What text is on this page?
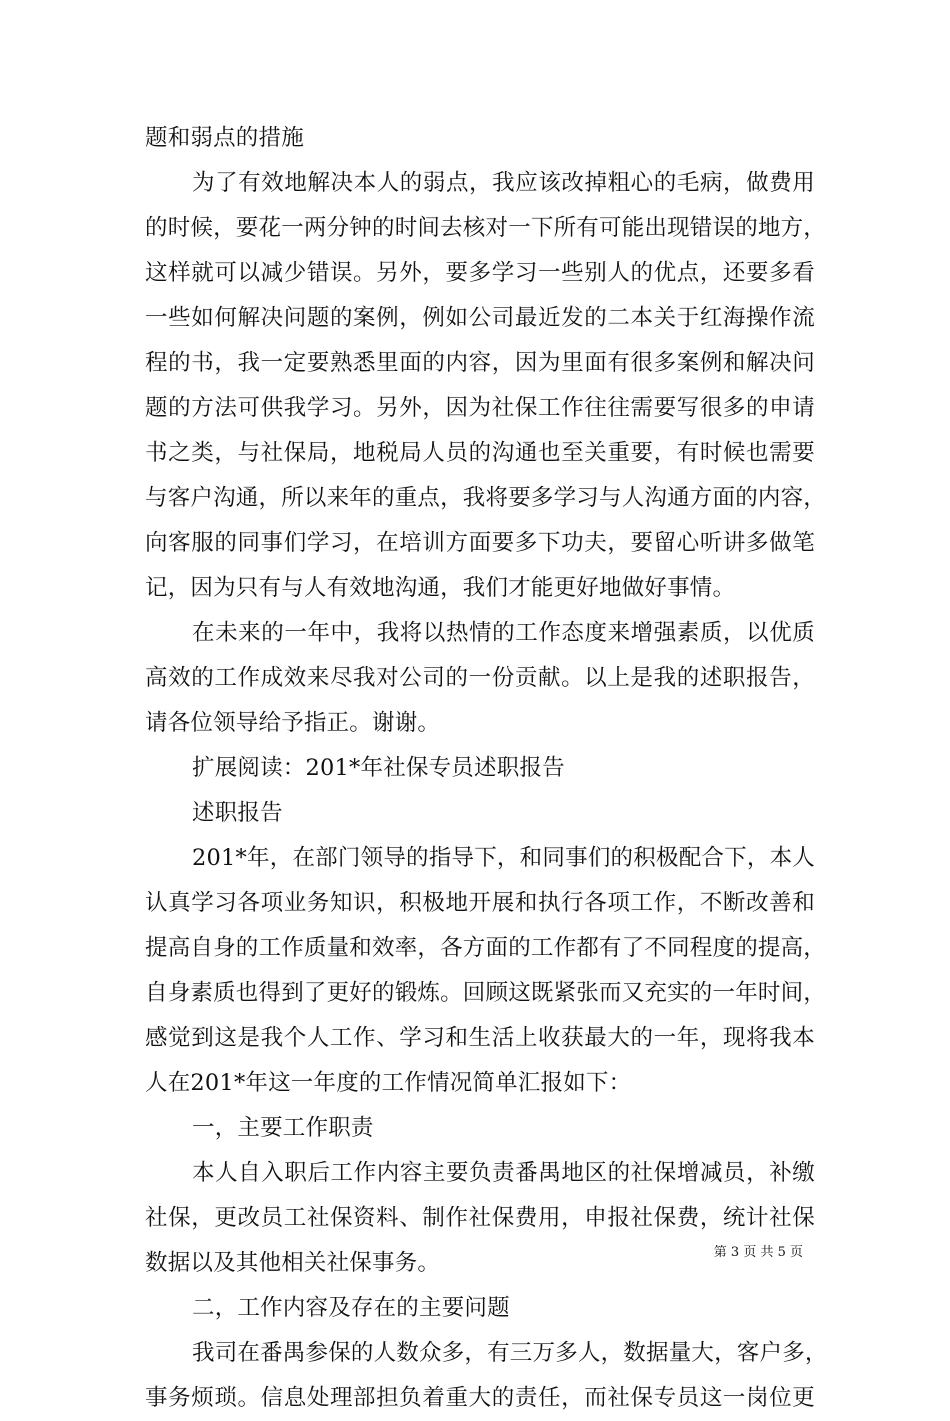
题和弱点的措施
为了有效地解决本人的弱点，我应该改掉粗心的毛病，做费用
的时候，要花一两分钟的时间去核对一下所有可能出现错误的地方，
这样就可以减少错误。另外，要多学习一些别人的优点，还要多看
一些如何解决问题的案例，例如公司最近发的二本关于红海操作流
程的书，我一定要熟悉里面的内容，因为里面有很多案例和解决问
题的方法可供我学习。另外，因为社保工作往往需要写很多的申请
书之类，与社保局，地税局人员的沟通也至关重要，有时候也需要
与客户沟通，所以来年的重点，我将要多学习与人沟通方面的内容，
向客服的同事们学习，在培训方面要多下功夫，要留心听讲多做笔
记，因为只有与人有效地沟通，我们才能更好地做好事情。
在未来的一年中，我将以热情的工作态度来增强素质，以优质
高效的工作成效来尽我对公司的一份贡献。以上是我的述职报告，
请各位领导给予指正。谢谢。
扩展阅读：201*年社保专员述职报告
述职报告
201*年，在部门领导的指导下，和同事们的积极配合下，本人
认真学习各项业务知识，积极地开展和执行各项工作，不断改善和
提高自身的工作质量和效率，各方面的工作都有了不同程度的提高，
自身素质也得到了更好的锻炼。回顾这既紧张而又充实的一年时间，
感觉到这是我个人工作、学习和生活上收获最大的一年，现将我本
人在201*年这一年度的工作情况简单汇报如下：
一，主要工作职责
本人自入职后工作内容主要负责番禺地区的社保增减员，补缴
社保，更改员工社保资料、制作社保费用，申报社保费，统计社保
数据以及其他相关社保事务。
二，工作内容及存在的主要问题
我司在番禺参保的人数众多，有三万多人，数据量大，客户多，
事务烦琐。信息处理部担负着重大的责任，而社保专员这一岗位更
第 3 页 共 5 页
